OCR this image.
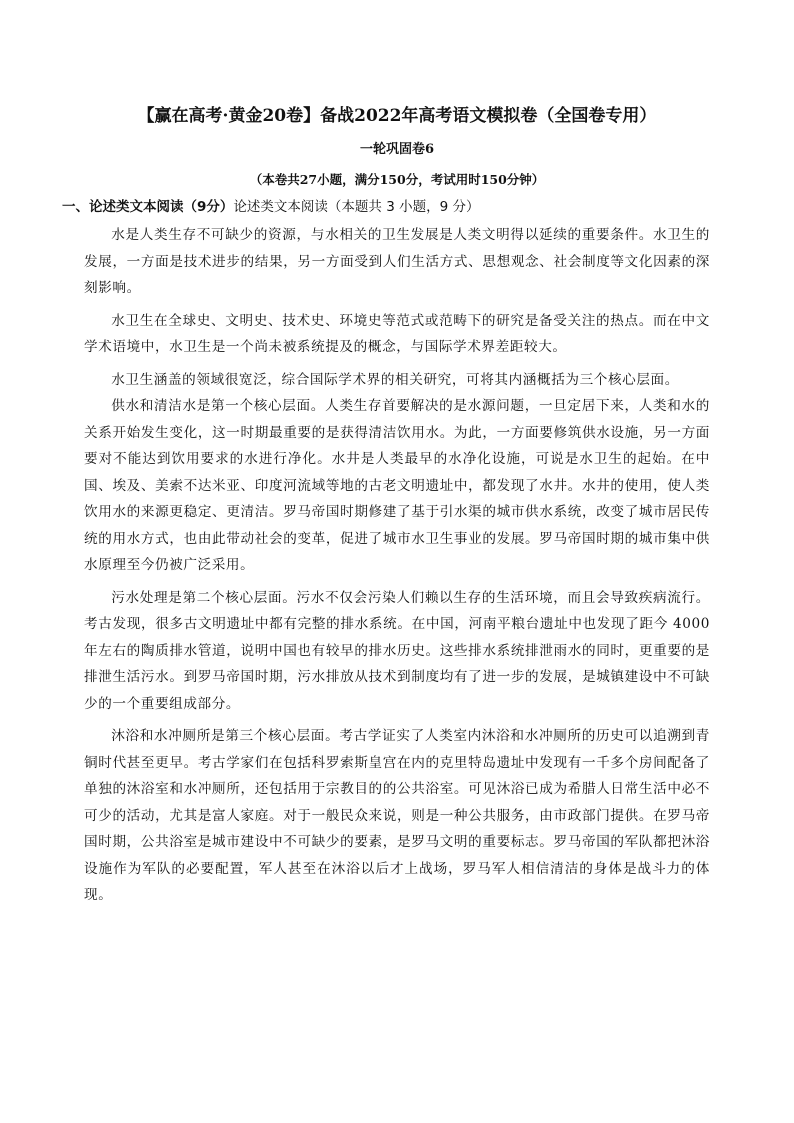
【赢在高考·黄金20卷】备战2022年高考语文模拟卷（全国卷专用）
一轮巩固卷6
（本卷共27小题，满分150分，考试用时150分钟）
一、论述类文本阅读（9分）论述类文本阅读（本题共 3 小题，9 分）

水是人类生存不可缺少的资源，与水相关的卫生发展是人类文明得以延续的重要条件。水卫生的发展，一方面是技术进步的结果，另一方面受到人们生活方式、思想观念、社会制度等文化因素的深刻影响。

水卫生在全球史、文明史、技术史、环境史等范式或范畴下的研究是备受关注的热点。而在中文学术语境中，水卫生是一个尚未被系统提及的概念，与国际学术界差距较大。

水卫生涵盖的领域很宽泛，综合国际学术界的相关研究，可将其内涵概括为三个核心层面。

供水和清洁水是第一个核心层面。人类生存首要解决的是水源问题，一旦定居下来，人类和水的关系开始发生变化，这一时期最重要的是获得清洁饮用水。为此，一方面要修筑供水设施，另一方面要对不能达到饮用要求的水进行净化。水井是人类最早的水净化设施，可说是水卫生的起始。在中国、埃及、美索不达米亚、印度河流域等地的古老文明遗址中，都发现了水井。水井的使用，使人类饮用水的来源更稳定、更清洁。罗马帝国时期修建了基于引水渠的城市供水系统，改变了城市居民传统的用水方式，也由此带动社会的变革，促进了城市水卫生事业的发展。罗马帝国时期的城市集中供水原理至今仍被广泛采用。

污水处理是第二个核心层面。污水不仅会污染人们赖以生存的生活环境，而且会导致疾病流行。考古发现，很多古文明遗址中都有完整的排水系统。在中国，河南平粮台遗址中也发现了距今 4000 年左右的陶质排水管道，说明中国也有较早的排水历史。这些排水系统排泄雨水的同时，更重要的是排泄生活污水。到罗马帝国时期，污水排放从技术到制度均有了进一步的发展，是城镇建设中不可缺少的一个重要组成部分。

沐浴和水冲厕所是第三个核心层面。考古学证实了人类室内沐浴和水冲厕所的历史可以追溯到青铜时代甚至更早。考古学家们在包括科罗索斯皇宫在内的克里特岛遗址中发现有一千多个房间配备了单独的沐浴室和水冲厕所，还包括用于宗教目的的公共浴室。可见沐浴已成为希腊人日常生活中必不可少的活动，尤其是富人家庭。对于一般民众来说，则是一种公共服务，由市政部门提供。在罗马帝国时期，公共浴室是城市建设中不可缺少的要素，是罗马文明的重要标志。罗马帝国的军队都把沐浴设施作为军队的必要配置，军人甚至在沐浴以后才上战场，罗马军人相信清洁的身体是战斗力的体现。
